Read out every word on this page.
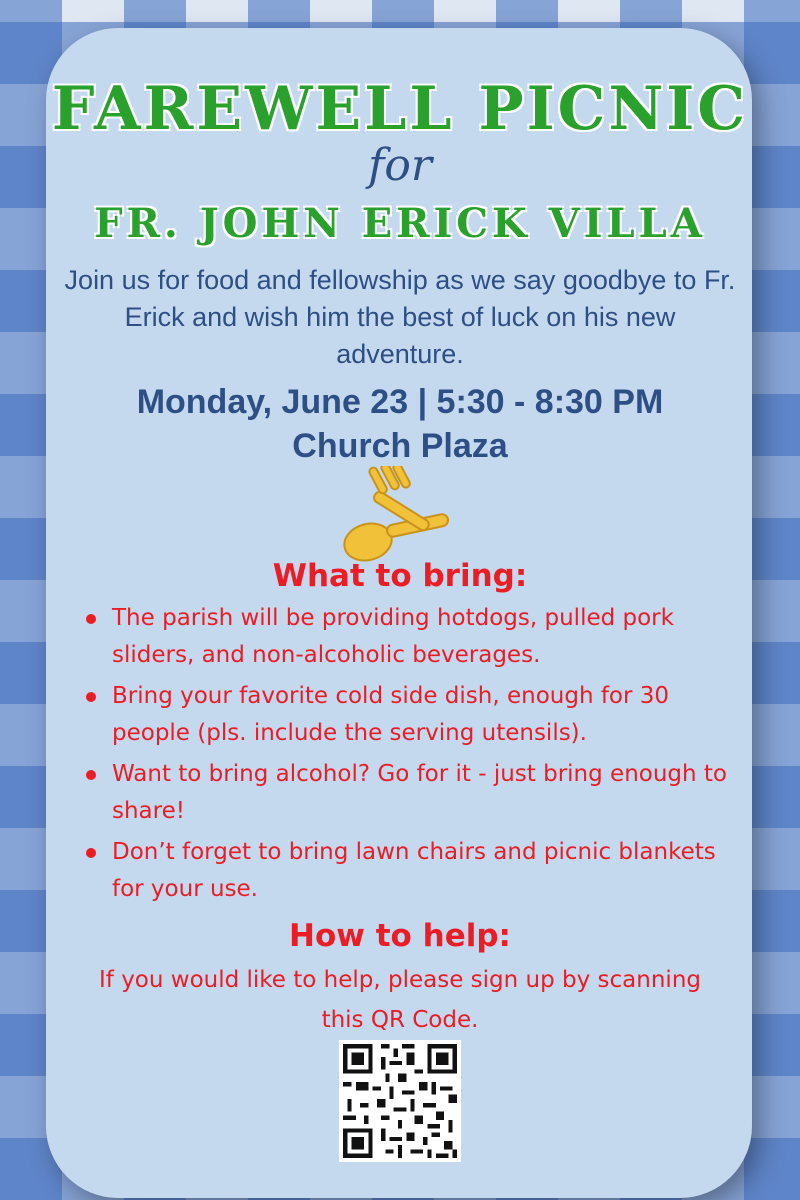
FAREWELL PICNIC
for
FR. JOHN ERICK VILLA
Join us for food and fellowship as we say goodbye to Fr. Erick and wish him the best of luck on his new adventure.
Monday, June 23 | 5:30 - 8:30 PM
Church Plaza
What to bring:
The parish will be providing hotdogs, pulled pork sliders, and non-alcoholic beverages.
Bring your favorite cold side dish, enough for 30 people (pls. include the serving utensils).
Want to bring alcohol? Go for it - just bring enough to share!
Don’t forget to bring lawn chairs and picnic blankets for your use.
How to help:
If you would like to help, please sign up by scanning this QR Code.
